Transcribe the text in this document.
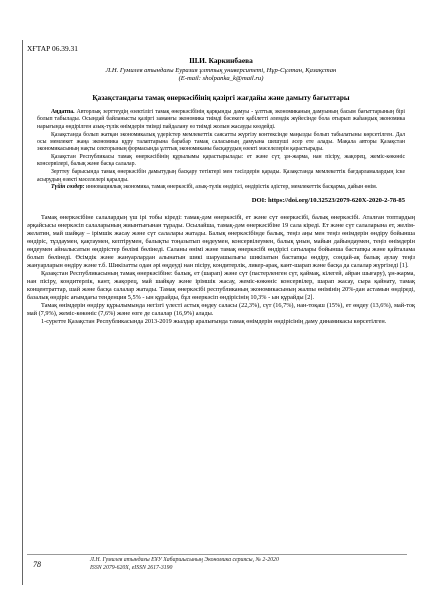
ХҒТАР 06.39.31
Ш.И. Каркинбаева
Л.Н. Гумилев атындағы Еуразия ұлттық университеті, Нұр-Сұлтан, Қазақстан
(E-mail: sholpanka_k@mail.ru)
Қазақстандағы тамақ өнеркәсібінің қазіргі жағдайы және дамыту бағыттары

Аңдатпа. Авторлық зерттеудің өзектілігі тамақ өнеркәсібінің қарқынды дамуы - ұлттық экономиканың дамуының басым бағыттарының бірі болып табылады. Осындай байланысты қазіргі заманғы экономика тиімді бәсекеге қабілетті әлемдік жүйесінде бола отырып жаһандық экономика нарығында өндірілген азық-түлік өнімдерін тиімді пайдалану өз тиімді жолын жасауды көздейді.

Қазақстанда болып жатқан экономикалық үдерістер мемлекеттік саясатты жүргізу контексінде маңызды болып табылатыны көрсетілген. Дал осы мемлекет жаңа экономика құру талаптарына барабар тамақ саласының дамуына шешуші әсер ете алады. Мақала авторы Қазақстан экономикасының нақты секторының формасында ұлттық экономиканы басқарудың өзекті мәселелерін қарастырады.

Қазақстан Республикасы тамақ өнеркәсібінің құрылымы қарастырылады: ет және сүт, ұн-жарма, нан пісіру, жақорец, жеміс-көкөніс консервілері, балық және басқа салалар.

Зерттеу барысында тамақ өнеркәсібін дамытудың басқару тетіктері мен тәсілдерін қарады. Қазақстанда мемлекеттік бағдарламалардың іске асырудың өзекті мәселелері қаралды.

Түйін сөздер: инновациялық экономика, тамақ өнеркәсібі, азық-түлік өндірісі, өндірістік әдістер, мемлекеттік басқарма, дайын өнім.

DOI: https://doi.org/10.32523/2079-620X-2020-2-78-85

Тамақ өнеркәсібіне салалардың үш ірі тобы кіреді: тамақ-дәм өнеркәсібі, ет және сүт өнеркәсібі, балық өнеркәсібі. Аталған топтардың әрқайсысы өнеркәсіп салаларының жиынтығынан тұрады. Осылайша, тамақ-дәм өнеркәсібіне 19 сала кіреді. Ет және сүт салаларына ет, желім-желатин, май шайқау – ірімшік жасау және сүт салалары жатады. Балық өнеркәсібінде балық, теңіз аңы мен теңіз өнімдерін өндіру бойынша өндіріс, тұздаумен, қақтаумен, кептірумен, балықты тоңазытып өңдеумен, консервілеумен, балық ұнын, майын дайындаумен, теңіз өнімдерін өңдеумен айналысатын өндірістер бөлімі бөлінеді. Саланы өнімі және тамақ өнеркәсібі өндірісі сатылары бойынша бастапқы және қайталама болып бөлінеді. Өсімдік және жануарлардан алынатын шикі шаруашылығы шикізатын бастапқы өндіру, сондай-ақ балық аулау теңіз жануарларын өндіру және т.б. Шикізатты одан әрі өңдеуді нан пісіру, кондитерлік, ликер-арақ, кант-шарап және басқа да салалар жүргізеді [1].

Қазақстан Республикасының тамақ өнеркәсібіне: балық, ет (шарап) және сүт (пастерленген сүт, қаймақ, кілегей, айран шығару), ұн-жарма, нан пісіру, кондитерлік, кант, жақорец, май шайқау және ірімшік жасау, жеміс-көкөніс консервілер, шарап жасау, сыра қайнату, тамақ концентраттар, шай және басқа салалар жатады. Тамақ өнеркәсібі республиканың экономикасының жалпы өнімінің 20%-дан астамын өндіреді, базалық өндіріс ағымдағы тенденция 5,5% - ын құрайды, бұл өнеркәсіп өндірісінің 10,3% - ын құрайды [2].

Тамақ өнімдерін өндіру құрылымында негізгі үлесті астық өңдеу саласы (22,3%), сүт (16,7%), нан-тоқаш (15%), ет өңдеу (13,6%), май-тоқ май (7,9%), жеміс-көкөніс (7,6%) және өзге де салалар (16,9%) алады.

1-суретте Қазақстан Республикасында 2013-2019 жылдар аралығында тамақ өнімдерін өндірісінің даму динамикасы көрсетілген.

78	Л.Н. Гумилев атындағы ЕҰУ Хабаршысының Экономика сериясы, № 2-2020
ISSN 2079-620X, eISSN 2617-3190
